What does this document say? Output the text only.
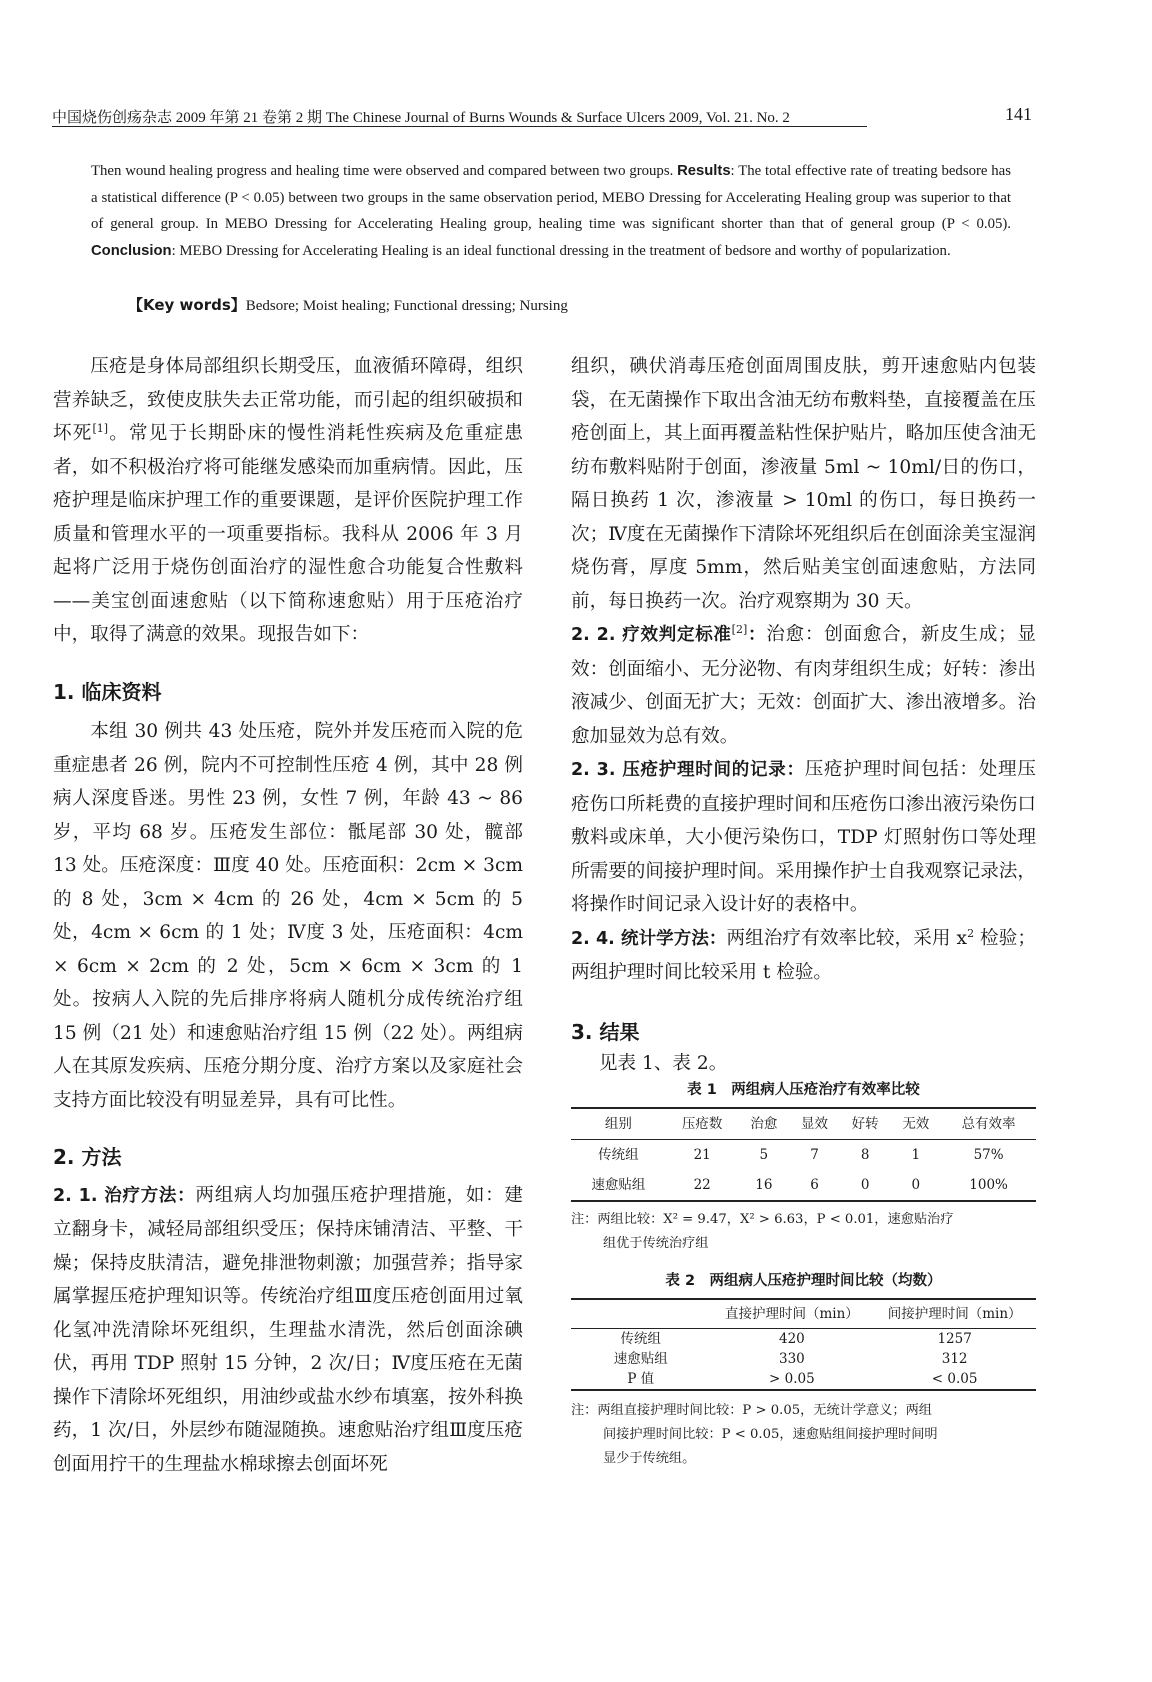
中国烧伤创疡杂志 2009 年第 21 卷第 2 期 The Chinese Journal of Burns Wounds & Surface Ulcers 2009, Vol. 21. No. 2	141
Then wound healing progress and healing time were observed and compared between two groups. Results: The total effective rate of treating bedsore has a statistical difference (P < 0.05) between two groups in the same observation period, MEBO Dressing for Accelerating Healing group was superior to that of general group. In MEBO Dressing for Accelerating Healing group, healing time was significant shorter than that of general group (P < 0.05). Conclusion: MEBO Dressing for Accelerating Healing is an ideal functional dressing in the treatment of bedsore and worthy of popularization.
【Key words】Bedsore; Moist healing; Functional dressing; Nursing

压疮是身体局部组织长期受压，血液循环障碍，组织营养缺乏，致使皮肤失去正常功能，而引起的组织破损和坏死[1]。常见于长期卧床的慢性消耗性疾病及危重症患者，如不积极治疗将可能继发感染而加重病情。因此，压疮护理是临床护理工作的重要课题，是评价医院护理工作质量和管理水平的一项重要指标。我科从 2006 年 3 月起将广泛用于烧伤创面治疗的湿性愈合功能复合性敷料——美宝创面速愈贴（以下简称速愈贴）用于压疮治疗中，取得了满意的效果。现报告如下：

1. 临床资料

本组 30 例共 43 处压疮，院外并发压疮而入院的危重症患者 26 例，院内不可控制性压疮 4 例，其中 28 例病人深度昏迷。男性 23 例，女性 7 例，年龄 43 ~ 86 岁，平均 68 岁。压疮发生部位：骶尾部 30 处，髋部 13 处。压疮深度：Ⅲ度 40 处。压疮面积：2cm × 3cm 的 8 处，3cm × 4cm 的 26 处，4cm × 5cm 的 5 处，4cm × 6cm 的 1 处；Ⅳ度 3 处，压疮面积：4cm × 6cm × 2cm 的 2 处，5cm × 6cm × 3cm 的 1 处。按病人入院的先后排序将病人随机分成传统治疗组 15 例（21 处）和速愈贴治疗组 15 例（22 处）。两组病人在其原发疾病、压疮分期分度、治疗方案以及家庭社会支持方面比较没有明显差异，具有可比性。

2. 方法

2. 1. 治疗方法：两组病人均加强压疮护理措施，如：建立翻身卡，减轻局部组织受压；保持床铺清洁、平整、干燥；保持皮肤清洁，避免排泄物刺激；加强营养；指导家属掌握压疮护理知识等。传统治疗组Ⅲ度压疮创面用过氧化氢冲洗清除坏死组织，生理盐水清洗，然后创面涂碘伏，再用 TDP 照射 15 分钟，2 次/日；Ⅳ度压疮在无菌操作下清除坏死组织，用油纱或盐水纱布填塞，按外科换药，1 次/日，外层纱布随湿随换。速愈贴治疗组Ⅲ度压疮创面用拧干的生理盐水棉球擦去创面坏死

组织，碘伏消毒压疮创面周围皮肤，剪开速愈贴内包装袋，在无菌操作下取出含油无纺布敷料垫，直接覆盖在压疮创面上，其上面再覆盖粘性保护贴片，略加压使含油无纺布敷料贴附于创面，渗液量 5ml ~ 10ml/日的伤口，隔日换药 1 次，渗液量 > 10ml 的伤口，每日换药一次；Ⅳ度在无菌操作下清除坏死组织后在创面涂美宝湿润烧伤膏，厚度 5mm，然后贴美宝创面速愈贴，方法同前，每日换药一次。治疗观察期为 30 天。

2. 2. 疗效判定标准[2]：治愈：创面愈合，新皮生成；显效：创面缩小、无分泌物、有肉芽组织生成；好转：渗出液减少、创面无扩大；无效：创面扩大、渗出液增多。治愈加显效为总有效。

2. 3. 压疮护理时间的记录：压疮护理时间包括：处理压疮伤口所耗费的直接护理时间和压疮伤口渗出液污染伤口敷料或床单，大小便污染伤口，TDP 灯照射伤口等处理所需要的间接护理时间。采用操作护士自我观察记录法，将操作时间记录入设计好的表格中。

2. 4. 统计学方法：两组治疗有效率比较，采用 $x^2$ 检验；两组护理时间比较采用 t 检验。

3. 结果

见表 1、表 2。

表 1　两组病人压疮治疗有效率比较
组别	压疮数	治愈	显效	好转	无效	总有效率
传统组	21	5	7	8	1	57%
速愈贴组	22	16	6	0	0	100%
注：两组比较：X² = 9.47，X² > 6.63，P < 0.01，速愈贴治疗
组优于传统治疗组
表 2　两组病人压疮护理时间比较（均数）
	直接护理时间（min）	间接护理时间（min）
传统组	420	1257
速愈贴组	330	312
P 值	> 0.05	< 0.05
注：两组直接护理时间比较：P > 0.05，无统计学意义；两组
间接护理时间比较：P < 0.05，速愈贴组间接护理时间明
显少于传统组。
